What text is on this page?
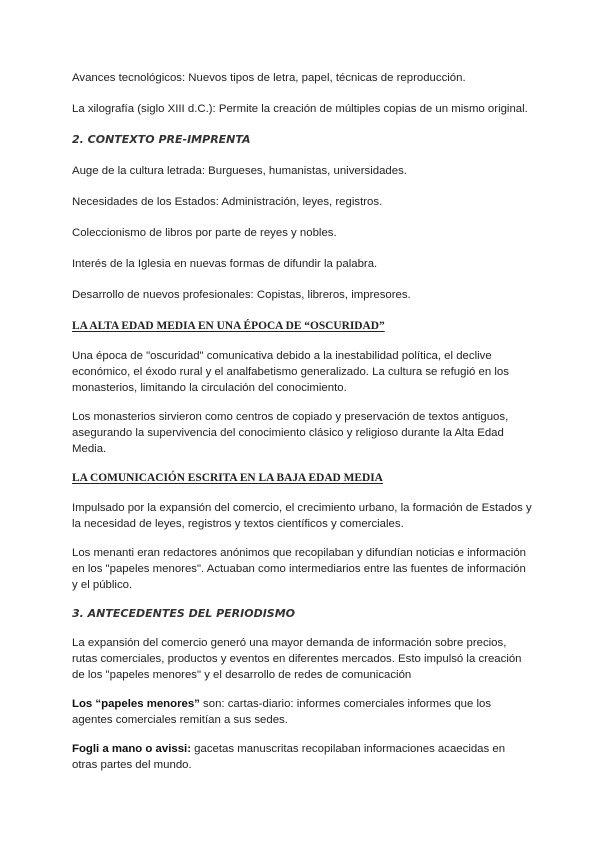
Avances tecnológicos: Nuevos tipos de letra, papel, técnicas de reproducción.

La xilografía (siglo XIII d.C.): Permite la creación de múltiples copias de un mismo original.

2. CONTEXTO PRE-IMPRENTA

Auge de la cultura letrada: Burgueses, humanistas, universidades.

Necesidades de los Estados: Administración, leyes, registros.

Coleccionismo de libros por parte de reyes y nobles.

Interés de la Iglesia en nuevas formas de difundir la palabra.

Desarrollo de nuevos profesionales: Copistas, libreros, impresores.

LA ALTA EDAD MEDIA EN UNA ÉPOCA DE “OSCURIDAD”

Una época de "oscuridad" comunicativa debido a la inestabilidad política, el declive económico, el éxodo rural y el analfabetismo generalizado. La cultura se refugió en los monasterios, limitando la circulación del conocimiento.

Los monasterios sirvieron como centros de copiado y preservación de textos antiguos, asegurando la supervivencia del conocimiento clásico y religioso durante la Alta Edad Media.

LA COMUNICACIÓN ESCRITA EN LA BAJA EDAD MEDIA

Impulsado por la expansión del comercio, el crecimiento urbano, la formación de Estados y la necesidad de leyes, registros y textos científicos y comerciales.

Los menanti eran redactores anónimos que recopilaban y difundían noticias e información en los "papeles menores". Actuaban como intermediarios entre las fuentes de información y el público.

3. ANTECEDENTES DEL PERIODISMO

La expansión del comercio generó una mayor demanda de información sobre precios, rutas comerciales, productos y eventos en diferentes mercados. Esto impulsó la creación de los "papeles menores" y el desarrollo de redes de comunicación

Los “papeles menores” son: cartas-diario: informes comerciales informes que los agentes comerciales remitían a sus sedes.

Fogli a mano o avissi: gacetas manuscritas recopilaban informaciones acaecidas en otras partes del mundo.
